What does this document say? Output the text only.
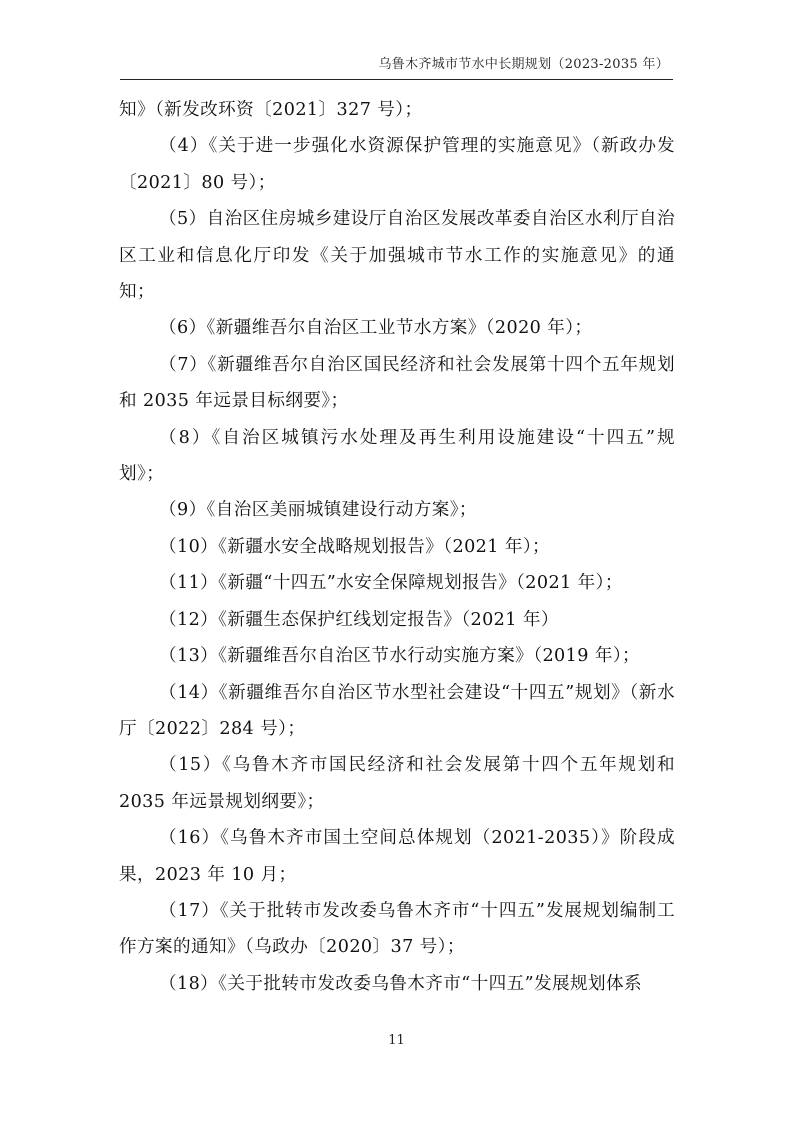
乌鲁木齐城市节水中长期规划（2023-2035 年）

知》（新发改环资〔2021〕327 号）；

（4）《关于进一步强化水资源保护管理的实施意见》（新政办发〔2021〕80 号）；

（5）自治区住房城乡建设厅自治区发展改革委自治区水利厅自治区工业和信息化厅印发《关于加强城市节水工作的实施意见》的通知；

（6）《新疆维吾尔自治区工业节水方案》（2020 年）；

（7）《新疆维吾尔自治区国民经济和社会发展第十四个五年规划和 2035 年远景目标纲要》；

（8）《自治区城镇污水处理及再生利用设施建设“十四五”规划》；

（9）《自治区美丽城镇建设行动方案》；

（10）《新疆水安全战略规划报告》（2021 年）；

（11）《新疆“十四五”水安全保障规划报告》（2021 年）；

（12）《新疆生态保护红线划定报告》（2021 年）

（13）《新疆维吾尔自治区节水行动实施方案》（2019 年）；

（14）《新疆维吾尔自治区节水型社会建设“十四五”规划》（新水厅〔2022〕284 号）；

（15）《乌鲁木齐市国民经济和社会发展第十四个五年规划和 2035 年远景规划纲要》；

（16）《乌鲁木齐市国土空间总体规划（2021-2035）》阶段成果，2023 年 10 月；

（17）《关于批转市发改委乌鲁木齐市“十四五”发展规划编制工作方案的通知》（乌政办〔2020〕37 号）；

（18）《关于批转市发改委乌鲁木齐市“十四五”发展规划体系

11
